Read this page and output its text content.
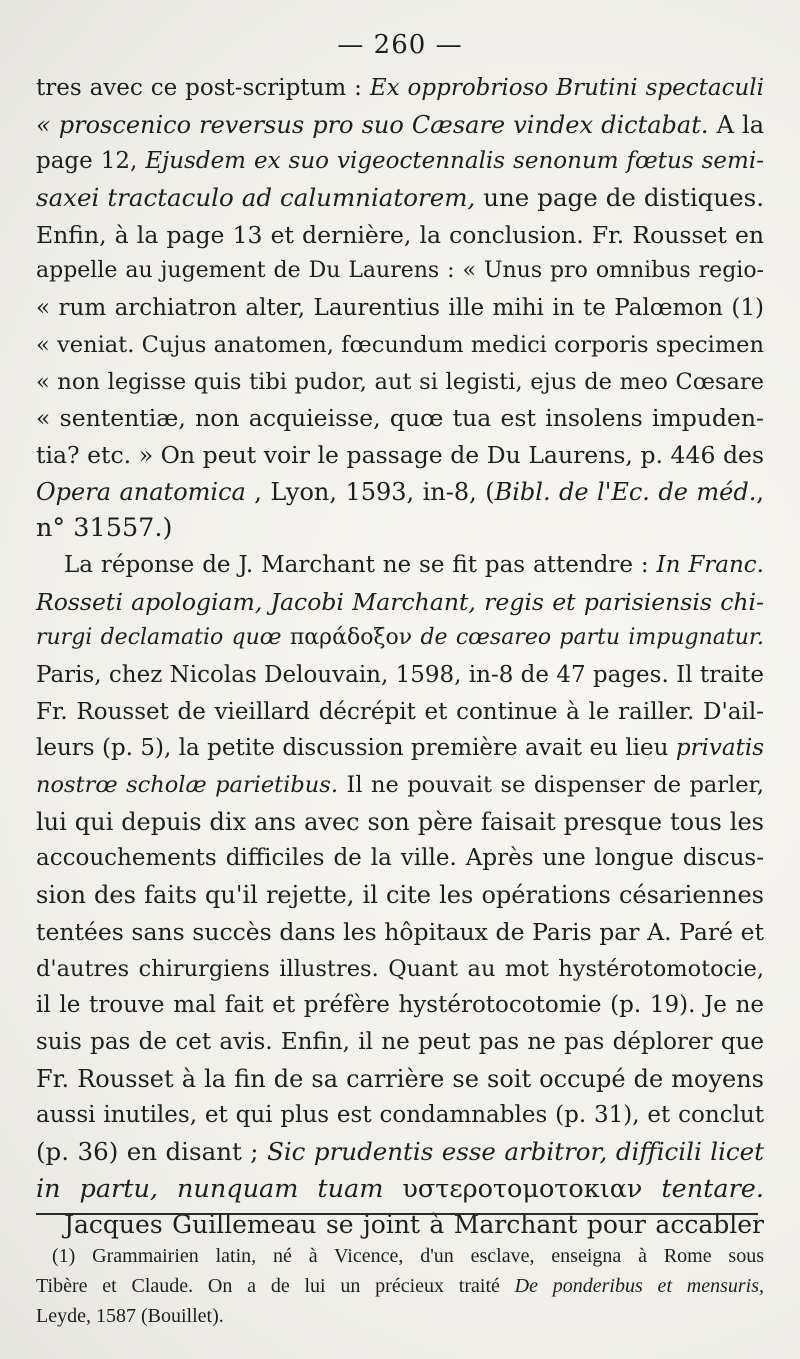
— 260 —
tres avec ce post-scriptum : Ex opprobrioso Brutini spectaculi
« proscenico reversus pro suo Cæsare vindex dictabat. A la
page 12, Ejusdem ex suo vigeoctennalis senonum fœtus semi-
saxei tractaculo ad calumniatorem, une page de distiques.
Enfin, à la page 13 et dernière, la conclusion. Fr. Rousset en
appelle au jugement de Du Laurens : « Unus pro omnibus regio-
« rum archiatron alter, Laurentius ille mihi in te Palœmon (1)
« veniat. Cujus anatomen, fœcundum medici corporis specimen
« non legisse quis tibi pudor, aut si legisti, ejus de meo Cœsare
« sententiæ, non acquieisse, quœ tua est insolens impuden-
tia? etc. » On peut voir le passage de Du Laurens, p. 446 des
Opera anatomica , Lyon, 1593, in-8, (Bibl. de l'Ec. de méd.,
n° 31557.)
La réponse de J. Marchant ne se fit pas attendre : In Franc.
Rosseti apologiam, Jacobi Marchant, regis et parisiensis chi-
rurgi declamatio quœ παράδοξον de cœsareo partu impugnatur.
Paris, chez Nicolas Delouvain, 1598, in-8 de 47 pages. Il traite
Fr. Rousset de vieillard décrépit et continue à le railler. D'ail-
leurs (p. 5), la petite discussion première avait eu lieu privatis
nostrœ scholæ parietibus. Il ne pouvait se dispenser de parler,
lui qui depuis dix ans avec son père faisait presque tous les
accouchements difficiles de la ville. Après une longue discus-
sion des faits qu'il rejette, il cite les opérations césariennes
tentées sans succès dans les hôpitaux de Paris par A. Paré et
d'autres chirurgiens illustres. Quant au mot hystérotomotocie,
il le trouve mal fait et préfère hystérotocotomie (p. 19). Je ne
suis pas de cet avis. Enfin, il ne peut pas ne pas déplorer que
Fr. Rousset à la fin de sa carrière se soit occupé de moyens
aussi inutiles, et qui plus est condamnables (p. 31), et conclut
(p. 36) en disant ; Sic prudentis esse arbitror, difficili licet
in partu, nunquam tuam υστεροτομοτοκιαν tentare.
Jacques Guillemeau se joint à Marchant pour accabler
(1) Grammairien latin, né à Vicence, d'un esclave, enseigna à Rome sous
Tibère et Claude. On a de lui un précieux traité De ponderibus et mensuris,
Leyde, 1587 (Bouillet).
